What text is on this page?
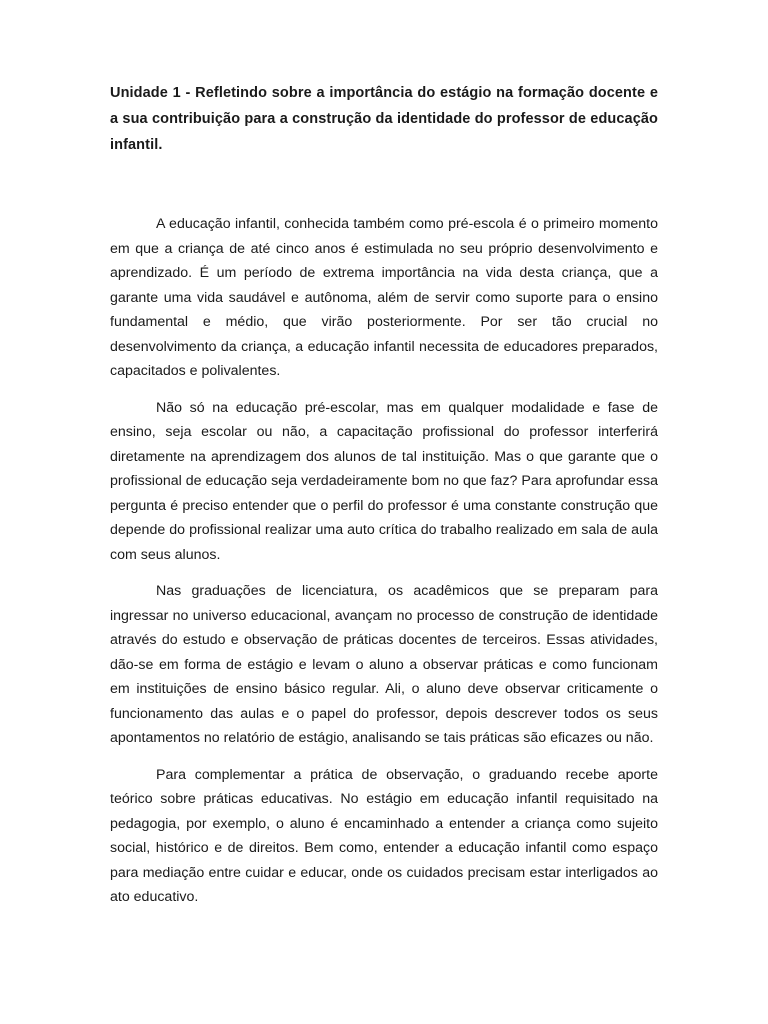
Unidade 1 - Refletindo sobre a importância do estágio na formação docente e a sua contribuição para a construção da identidade do professor de educação infantil.

A educação infantil, conhecida também como pré-escola é o primeiro momento em que a criança de até cinco anos é estimulada no seu próprio desenvolvimento e aprendizado. É um período de extrema importância na vida desta criança, que a garante uma vida saudável e autônoma, além de servir como suporte para o ensino fundamental e médio, que virão posteriormente. Por ser tão crucial no desenvolvimento da criança, a educação infantil necessita de educadores preparados, capacitados e polivalentes.

Não só na educação pré-escolar, mas em qualquer modalidade e fase de ensino, seja escolar ou não, a capacitação profissional do professor interferirá diretamente na aprendizagem dos alunos de tal instituição. Mas o que garante que o profissional de educação seja verdadeiramente bom no que faz? Para aprofundar essa pergunta é preciso entender que o perfil do professor é uma constante construção que depende do profissional realizar uma auto crítica do trabalho realizado em sala de aula com seus alunos.

Nas graduações de licenciatura, os acadêmicos que se preparam para ingressar no universo educacional, avançam no processo de construção de identidade através do estudo e observação de práticas docentes de terceiros. Essas atividades, dão-se em forma de estágio e levam o aluno a observar práticas e como funcionam em instituições de ensino básico regular. Ali, o aluno deve observar criticamente o funcionamento das aulas e o papel do professor, depois descrever todos os seus apontamentos no relatório de estágio, analisando se tais práticas são eficazes ou não.

Para complementar a prática de observação, o graduando recebe aporte teórico sobre práticas educativas. No estágio em educação infantil requisitado na pedagogia, por exemplo, o aluno é encaminhado a entender a criança como sujeito social, histórico e de direitos. Bem como, entender a educação infantil como espaço para mediação entre cuidar e educar, onde os cuidados precisam estar interligados ao ato educativo.
